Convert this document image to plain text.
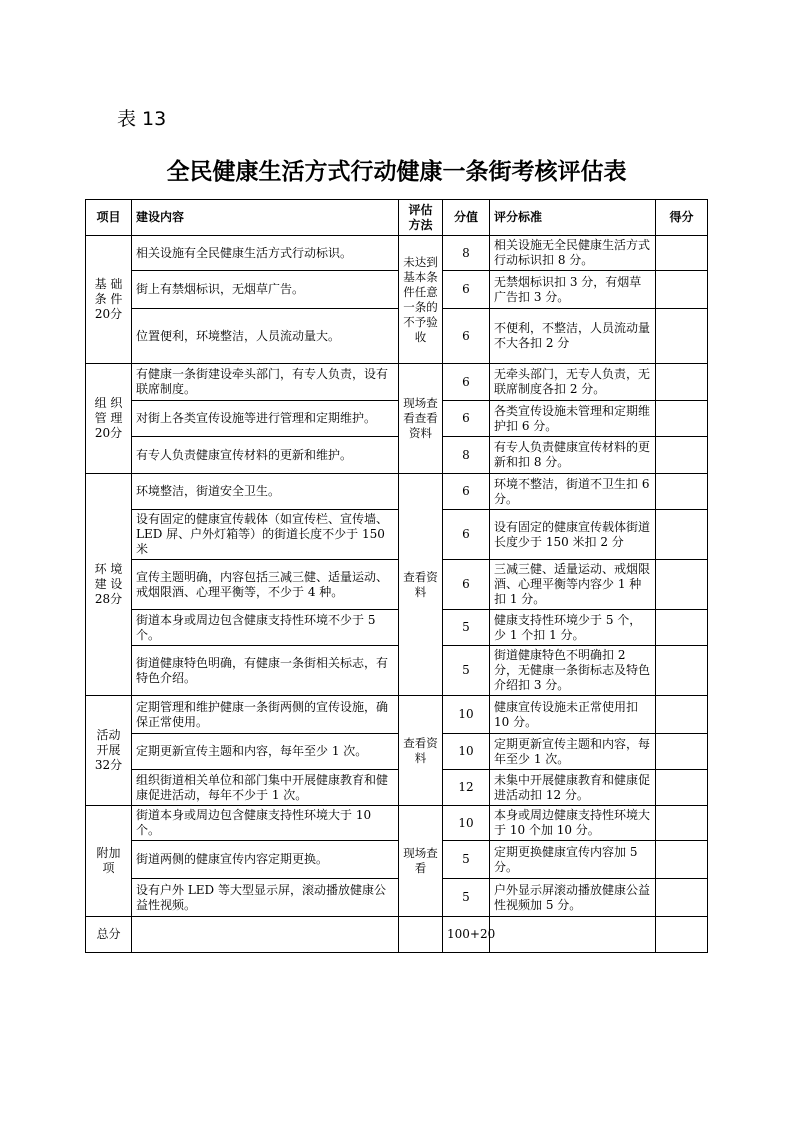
表 13
全民健康生活方式行动健康一条街考核评估表
项目	建设内容	评估方法	分值	评分标准	得分
基 础 条 件 20分	相关设施有全民健康生活方式行动标识。	未达到基本条件任意一条的不予验收	8	相关设施无全民健康生活方式行动标识扣 8 分。	
	街上有禁烟标识，无烟草广告。		6	无禁烟标识扣 3 分，有烟草广告扣 3 分。	
	位置便利，环境整洁，人员流动量大。		6	不便利，不整洁，人员流动量不大各扣 2 分	
组 织 管 理 20分	有健康一条街建设牵头部门，有专人负责，设有联席制度。	现场查看查看资料	6	无牵头部门，无专人负责，无联席制度各扣 2 分。	
	对街上各类宣传设施等进行管理和定期维护。		6	各类宣传设施未管理和定期维护扣 6 分。	
	有专人负责健康宣传材料的更新和维护。		8	有专人负责健康宣传材料的更新和扣 8 分。	
环 境 建 设 28分	环境整洁，街道安全卫生。	查看资料	6	环境不整洁，街道不卫生扣 6 分。	
	设有固定的健康宣传载体（如宣传栏、宣传墙、LED 屏、户外灯箱等）的街道长度不少于 150 米		6	设有固定的健康宣传载体街道长度少于 150 米扣 2 分	
	宣传主题明确，内容包括三减三健、适量运动、戒烟限酒、心理平衡等，不少于 4 种。		6	三减三健、适量运动、戒烟限酒、心理平衡等内容少 1 种扣 1 分。	
	街道本身或周边包含健康支持性环境不少于 5 个。		5	健康支持性环境少于 5 个，少 1 个扣 1 分。	
	街道健康特色明确，有健康一条街相关标志，有特色介绍。		5	街道健康特色不明确扣 2 分，无健康一条街标志及特色介绍扣 3 分。	
活动 开展 32分	定期管理和维护健康一条街两侧的宣传设施，确保正常使用。	查看资料	10	健康宣传设施未正常使用扣 10 分。	
	定期更新宣传主题和内容，每年至少 1 次。		10	定期更新宣传主题和内容，每年至少 1 次。	
	组织街道相关单位和部门集中开展健康教育和健康促进活动，每年不少于 1 次。		12	未集中开展健康教育和健康促进活动扣 12 分。	
附加 项	街道本身或周边包含健康支持性环境大于 10 个。	现场查看	10	本身或周边健康支持性环境大于 10 个加 10 分。	
	街道两侧的健康宣传内容定期更换。		5	定期更换健康宣传内容加 5 分。	
	设有户外 LED 等大型显示屏，滚动播放健康公益性视频。		5	户外显示屏滚动播放健康公益性视频加 5 分。	
总分			100+20		
